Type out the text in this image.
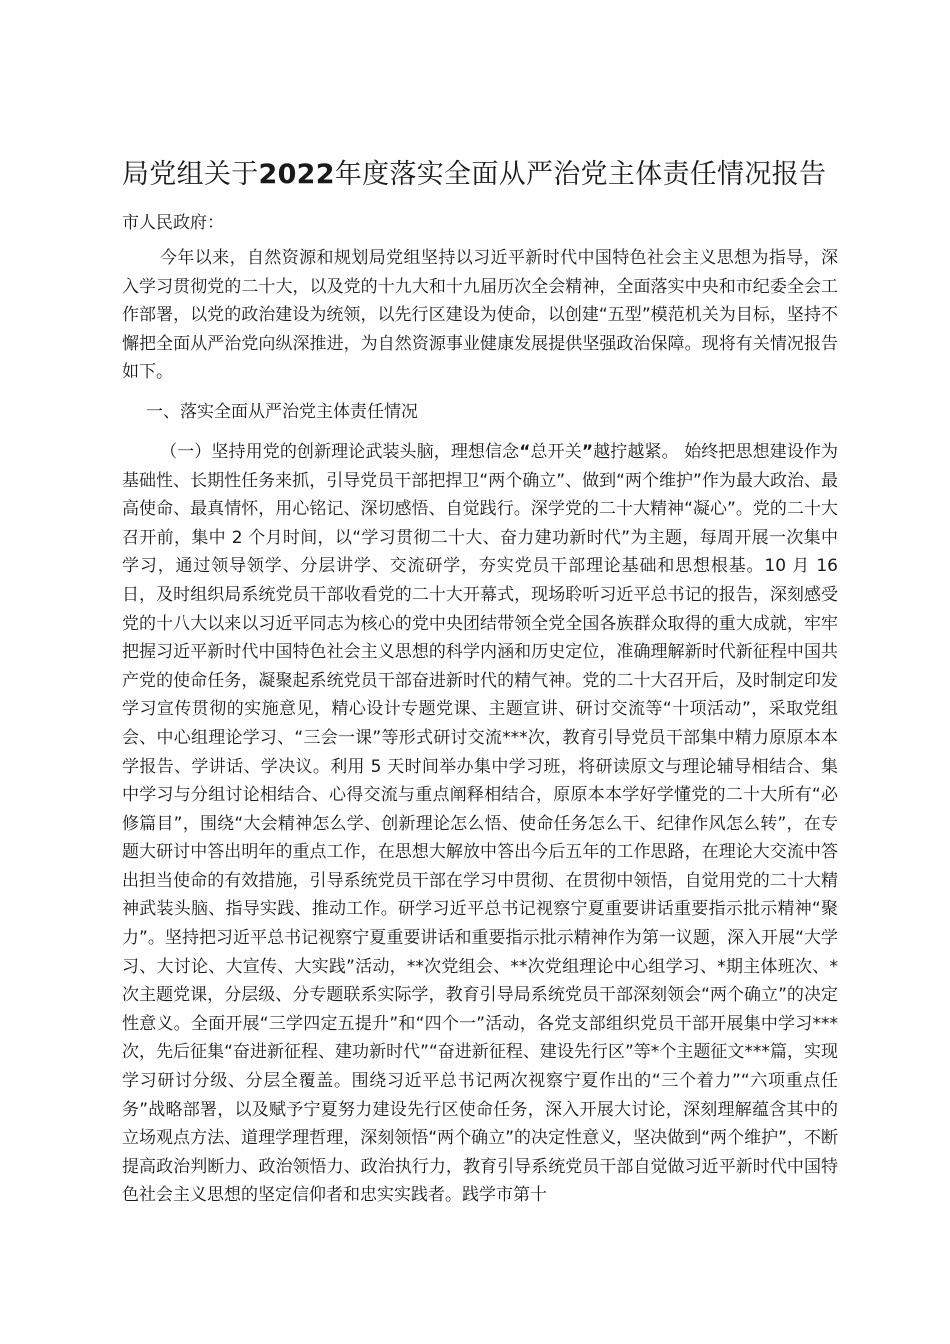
局党组关于2022年度落实全面从严治党主体责任情况报告

市人民政府：

今年以来，自然资源和规划局党组坚持以习近平新时代中国特色社会主义思想为指导，深入学习贯彻党的二十大，以及党的十九大和十九届历次全会精神，全面落实中央和市纪委全会工作部署，以党的政治建设为统领，以先行区建设为使命，以创建“五型”模范机关为目标，坚持不懈把全面从严治党向纵深推进，为自然资源事业健康发展提供坚强政治保障。现将有关情况报告如下。

一、落实全面从严治党主体责任情况

（一）坚持用党的创新理论武装头脑，理想信念“总开关”越拧越紧。 始终把思想建设作为基础性、长期性任务来抓，引导党员干部把捍卫“两个确立”、做到“两个维护”作为最大政治、最高使命、最真情怀，用心铭记、深切感悟、自觉践行。深学党的二十大精神“凝心”。党的二十大召开前，集中 2 个月时间，以“学习贯彻二十大、奋力建功新时代”为主题，每周开展一次集中学习，通过领导领学、分层讲学、交流研学，夯实党员干部理论基础和思想根基。10 月 16 日，及时组织局系统党员干部收看党的二十大开幕式，现场聆听习近平总书记的报告，深刻感受党的十八大以来以习近平同志为核心的党中央团结带领全党全国各族群众取得的重大成就，牢牢把握习近平新时代中国特色社会主义思想的科学内涵和历史定位，准确理解新时代新征程中国共产党的使命任务，凝聚起系统党员干部奋进新时代的精气神。党的二十大召开后，及时制定印发学习宣传贯彻的实施意见，精心设计专题党课、主题宣讲、研讨交流等“十项活动”，采取党组会、中心组理论学习、“三会一课”等形式研讨交流***次，教育引导党员干部集中精力原原本本学报告、学讲话、学决议。利用 5 天时间举办集中学习班，将研读原文与理论辅导相结合、集中学习与分组讨论相结合、心得交流与重点阐释相结合，原原本本学好学懂党的二十大所有“必修篇目”，围绕“大会精神怎么学、创新理论怎么悟、使命任务怎么干、纪律作风怎么转”，在专题大研讨中答出明年的重点工作，在思想大解放中答出今后五年的工作思路，在理论大交流中答出担当使命的有效措施，引导系统党员干部在学习中贯彻、在贯彻中领悟，自觉用党的二十大精神武装头脑、指导实践、推动工作。研学习近平总书记视察宁夏重要讲话重要指示批示精神“聚力”。坚持把习近平总书记视察宁夏重要讲话和重要指示批示精神作为第一议题，深入开展“大学习、大讨论、大宣传、大实践”活动，**次党组会、**次党组理论中心组学习、*期主体班次、*次主题党课，分层级、分专题联系实际学，教育引导局系统党员干部深刻领会“两个确立”的决定性意义。全面开展“三学四定五提升”和“四个一”活动，各党支部组织党员干部开展集中学习***次，先后征集“奋进新征程、建功新时代”“奋进新征程、建设先行区”等*个主题征文***篇，实现学习研讨分级、分层全覆盖。围绕习近平总书记两次视察宁夏作出的“三个着力”“六项重点任务”战略部署，以及赋予宁夏努力建设先行区使命任务，深入开展大讨论，深刻理解蕴含其中的立场观点方法、道理学理哲理，深刻领悟“两个确立”的决定性意义，坚决做到“两个维护”，不断提高政治判断力、政治领悟力、政治执行力，教育引导系统党员干部自觉做习近平新时代中国特色社会主义思想的坚定信仰者和忠实实践者。践学市第十
